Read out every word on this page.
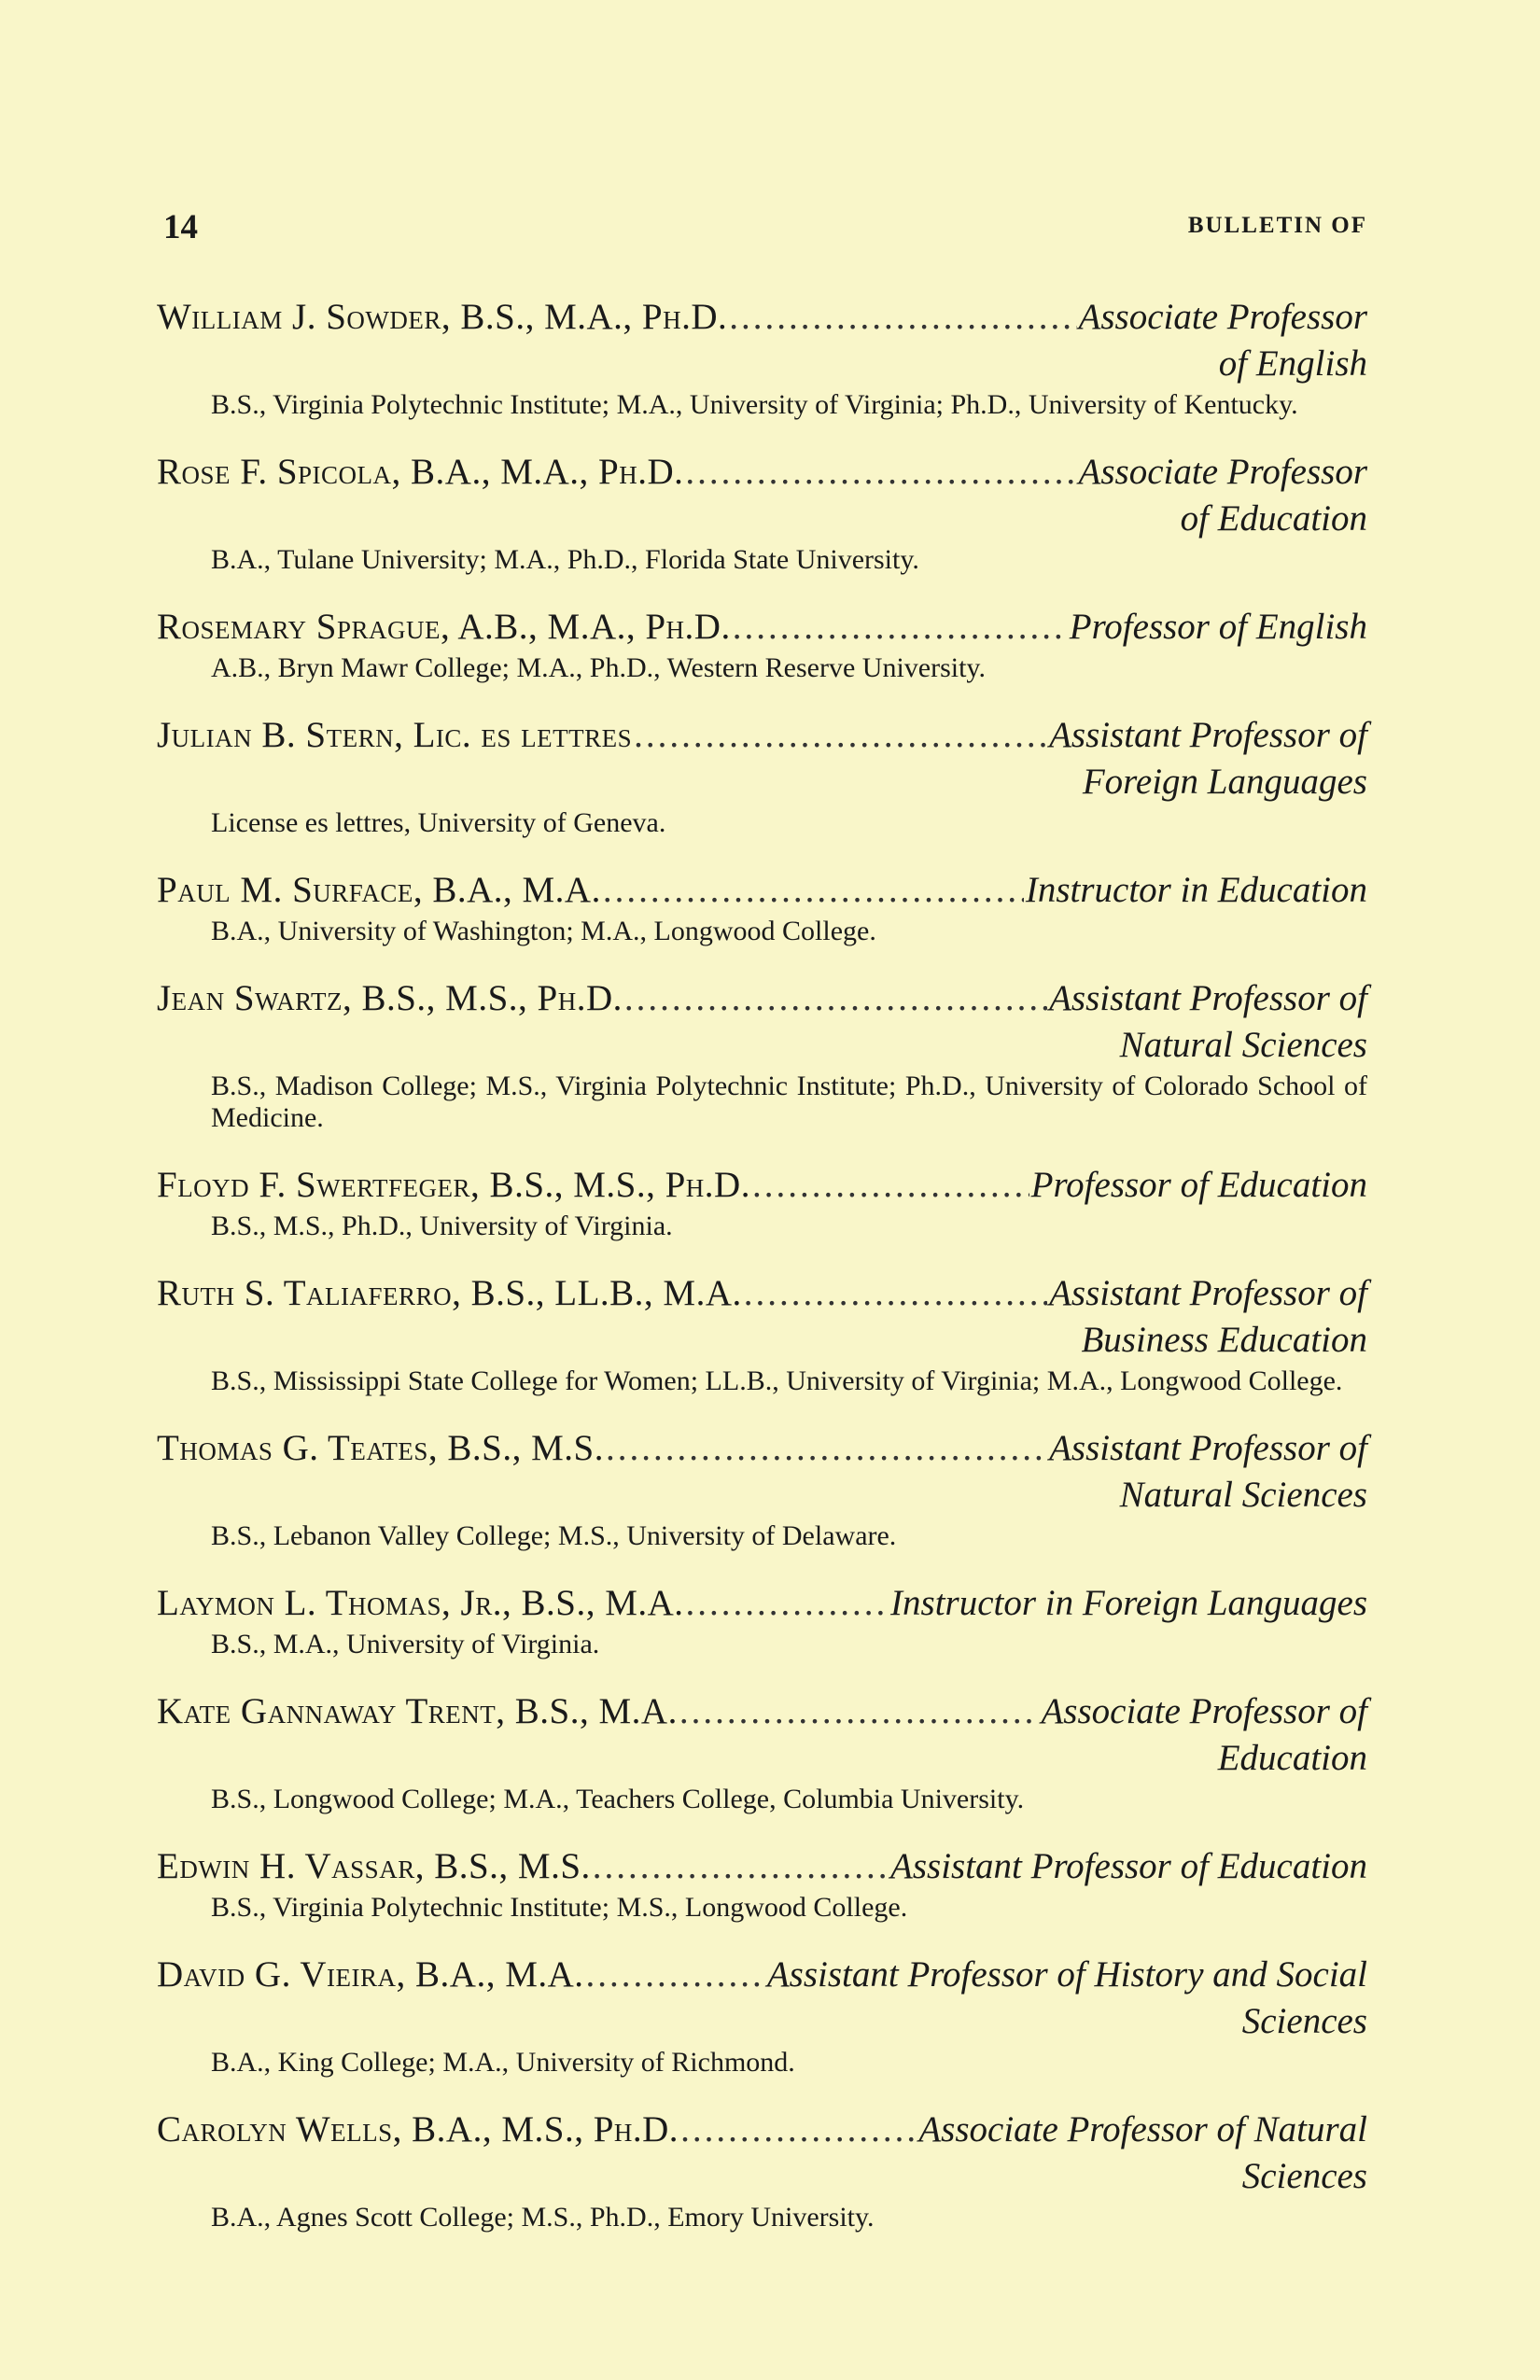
14	BULLETIN OF
William J. Sowder, B.S., M.A., Ph.D. .....	Associate Professor
of English
B.S., Virginia Polytechnic Institute; M.A., University of Virginia; Ph.D., University of Kentucky.
Rose F. Spicola, B.A., M.A., Ph.D. .....	Associate Professor
of Education
B.A., Tulane University; M.A., Ph.D., Florida State University.
Rosemary Sprague, A.B., M.A., Ph.D. .....	Professor of English
A.B., Bryn Mawr College; M.A., Ph.D., Western Reserve University.
Julian B. Stern, Lic. es lettres .....	Assistant Professor of
Foreign Languages
License es lettres, University of Geneva.
Paul M. Surface, B.A., M.A. .....	Instructor in Education
B.A., University of Washington; M.A., Longwood College.
Jean Swartz, B.S., M.S., Ph.D. .....	Assistant Professor of
Natural Sciences
B.S., Madison College; M.S., Virginia Polytechnic Institute; Ph.D., University of Colorado School of Medicine.
Floyd F. Swertfeger, B.S., M.S., Ph.D. .....	Professor of Education
B.S., M.S., Ph.D., University of Virginia.
Ruth S. Taliaferro, B.S., LL.B., M.A. .....	Assistant Professor of
Business Education
B.S., Mississippi State College for Women; LL.B., University of Virginia; M.A., Longwood College.
Thomas G. Teates, B.S., M.S. .....	Assistant Professor of
Natural Sciences
B.S., Lebanon Valley College; M.S., University of Delaware.
Laymon L. Thomas, Jr., B.S., M.A. .....	Instructor in Foreign Languages
B.S., M.A., University of Virginia.
Kate Gannaway Trent, B.S., M.A. .....	Associate Professor of
Education
B.S., Longwood College; M.A., Teachers College, Columbia University.
Edwin H. Vassar, B.S., M.S. .....	Assistant Professor of Education
B.S., Virginia Polytechnic Institute; M.S., Longwood College.
David G. Vieira, B.A., M.A. .....	Assistant Professor of History and Social
Sciences
B.A., King College; M.A., University of Richmond.
Carolyn Wells, B.A., M.S., Ph.D. .....	Associate Professor of Natural
Sciences
B.A., Agnes Scott College; M.S., Ph.D., Emory University.
